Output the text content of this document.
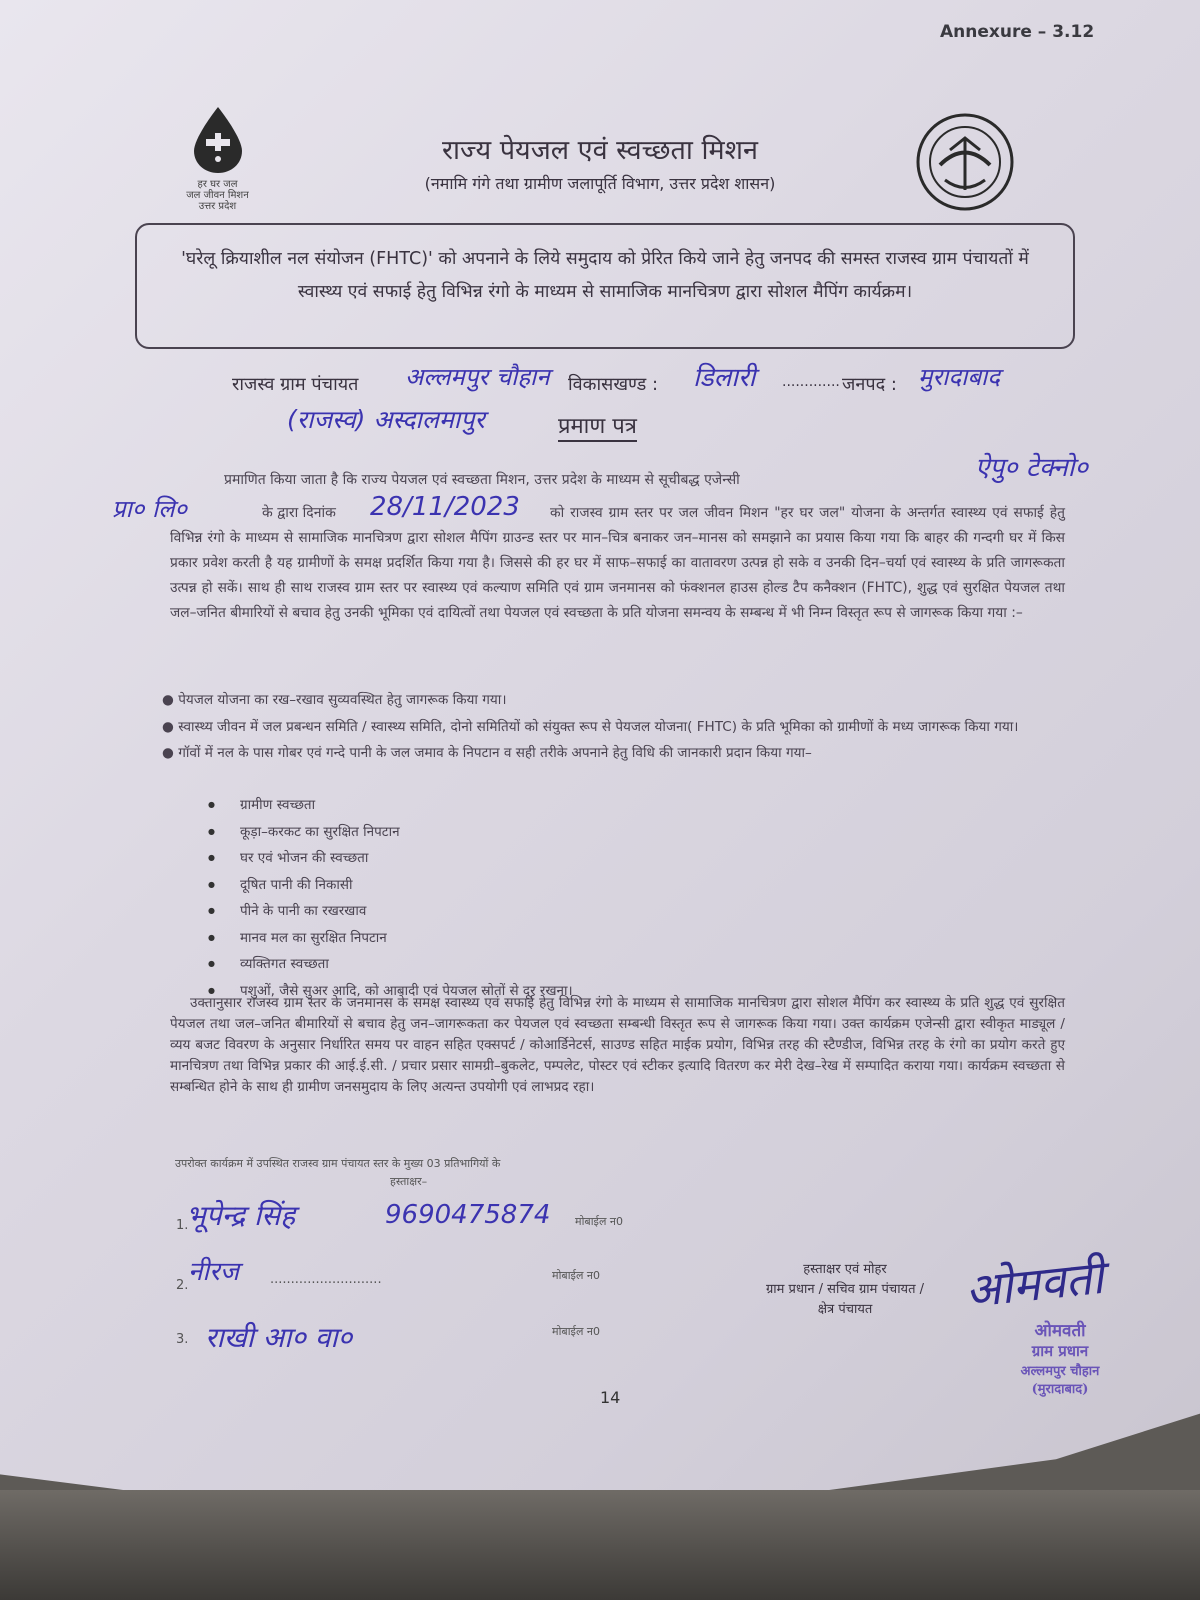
Annexure – 3.12
हर घर जल
जल जीवन मिशन
उत्तर प्रदेश
राज्य पेयजल एवं स्वच्छता मिशन
(नमामि गंगे तथा ग्रामीण जलापूर्ति विभाग, उत्तर प्रदेश शासन)
'घरेलू क्रियाशील नल संयोजन (FHTC)' को अपनाने के लिये समुदाय को प्रेरित किये जाने हेतु जनपद की समस्त राजस्व ग्राम पंचायतों में स्वास्थ्य एवं सफाई हेतु विभिन्न रंगो के माध्यम से सामाजिक मानचित्रण द्वारा सोशल मैपिंग कार्यक्रम।
राजस्व ग्राम पंचायत अल्लमपुर चौहान विकासखण्ड : डिलारी ............. जनपद : मुरादाबाद
(राजस्व) अस्दालमापुर	प्रमाण पत्र
प्रमाणित किया जाता है कि राज्य पेयजल एवं स्वच्छता मिशन, उत्तर प्रदेश के माध्यम से सूचीबद्ध एजेन्सी	ऐपु० टेक्नो०
प्रा० लि०	के द्वारा दिनांक 28/11/2023	को राजस्व ग्राम स्तर पर जल जीवन मिशन "हर घर जल" योजना के अन्तर्गत स्वास्थ्य एवं सफाई हेतु विभिन्न रंगो के माध्यम से सामाजिक मानचित्रण द्वारा सोशल मैपिंग ग्राउन्ड स्तर पर मान–चित्र बनाकर जन–मानस को समझाने का प्रयास किया गया कि बाहर की गन्दगी घर में किस प्रकार प्रवेश करती है यह ग्रामीणों के समक्ष प्रदर्शित किया गया है। जिससे की हर घर में साफ–सफाई का वातावरण उत्पन्न हो सके व उनकी दिन–चर्या एवं स्वास्थ्य के प्रति जागरूकता उत्पन्न हो सकें। साथ ही साथ राजस्व ग्राम स्तर पर स्वास्थ्य एवं कल्याण समिति एवं ग्राम जनमानस को फंक्शनल हाउस होल्ड टैप कनैक्शन (FHTC), शुद्ध एवं सुरक्षित पेयजल तथा जल–जनित बीमारियों से बचाव हेतु उनकी भूमिका एवं दायित्वों तथा पेयजल एवं स्वच्छता के प्रति योजना समन्वय के सम्बन्ध में भी निम्न विस्तृत रूप से जागरूक किया गया :–
● पेयजल योजना का रख–रखाव सुव्यवस्थित हेतु जागरूक किया गया।
● स्वास्थ्य जीवन में जल प्रबन्धन समिति / स्वास्थ्य समिति, दोनो समितियों को संयुक्त रूप से पेयजल योजना( FHTC) के प्रति भूमिका को ग्रामीणों के मध्य जागरूक किया गया।
● गॉवों में नल के पास गोबर एवं गन्दे पानी के जल जमाव के निपटान व सही तरीके अपनाने हेतु विधि की जानकारी प्रदान किया गया–
● ग्रामीण स्वच्छता
● कूड़ा–करकट का सुरक्षित निपटान
● घर एवं भोजन की स्वच्छता
● दूषित पानी की निकासी
● पीने के पानी का रखरखाव
● मानव मल का सुरक्षित निपटान
● व्यक्तिगत स्वच्छता
● पशुओं, जैसे सुअर आदि, को आबादी एवं पेयजल स्रोतों से दूर रखना।
उक्तानुसार राजस्व ग्राम स्तर के जनमानस के समक्ष स्वास्थ्य एवं सफाई हेतु विभिन्न रंगो के माध्यम से सामाजिक मानचित्रण द्वारा सोशल मैपिंग कर स्वास्थ्य के प्रति शुद्ध एवं सुरक्षित पेयजल तथा जल–जनित बीमारियों से बचाव हेतु जन–जागरूकता कर पेयजल एवं स्वच्छता सम्बन्धी विस्तृत रूप से जागरूक किया गया। उक्त कार्यक्रम एजेन्सी द्वारा स्वीकृत माड्यूल / व्यय बजट विवरण के अनुसार निर्धारित समय पर वाहन सहित एक्सपर्ट / कोआर्डिनेटर्स, साउण्ड सहित माईक प्रयोग, विभिन्न तरह की स्टैण्डीज, विभिन्न तरह के रंगो का प्रयोग करते हुए मानचित्रण तथा विभिन्न प्रकार की आई.ई.सी. / प्रचार प्रसार सामग्री–बुकलेट, पम्पलेट, पोस्टर एवं स्टीकर इत्यादि वितरण कर मेरी देख–रेख में सम्पादित कराया गया। कार्यक्रम स्वच्छता से सम्बन्धित होने के साथ ही ग्रामीण जनसमुदाय के लिए अत्यन्त उपयोगी एवं लाभप्रद रहा।
उपरोक्त कार्यक्रम में उपस्थित राजस्व ग्राम पंचायत स्तर के मुख्य 03 प्रतिभागियों के
हस्ताक्षर–
1.
भूपेन्द्र सिंह	9690475874 मोबाईल न0
2. नीरज ...........................	मोबाईल न0
3. राखी आ० वा०	मोबाईल न0
हस्ताक्षर एवं मोहर
ग्राम प्रधान / सचिव ग्राम पंचायत /
क्षेत्र पंचायत	ओमवती
ओमवती
ग्राम प्रधान
अल्लमपुर चौहान
(मुरादाबाद)
14
